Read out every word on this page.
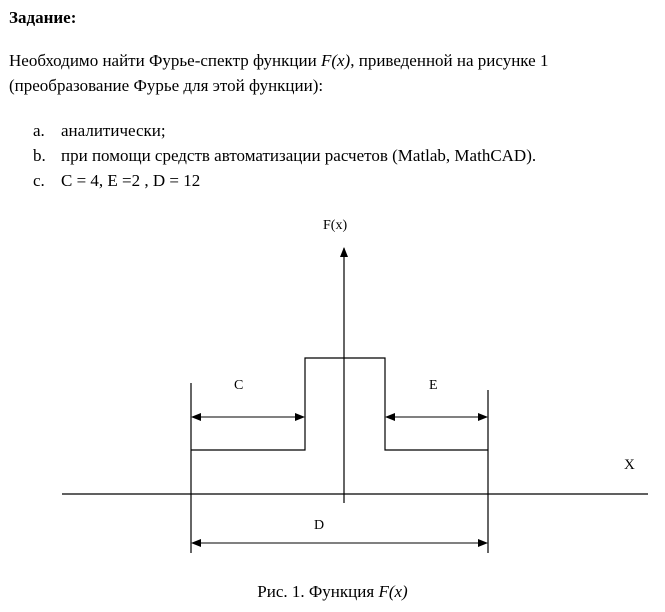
Задание:

Необходимо найти Фурье-спектр функции F(x), приведенной на рисунке 1 (преобразование Фурье для этой функции):

a. аналитически;
b. при помощи средств автоматизации расчетов (Matlab, MathCAD).
c. C = 4, E =2 , D = 12
F(x)
X
C	E
D

Рис. 1. Функция F(x)
